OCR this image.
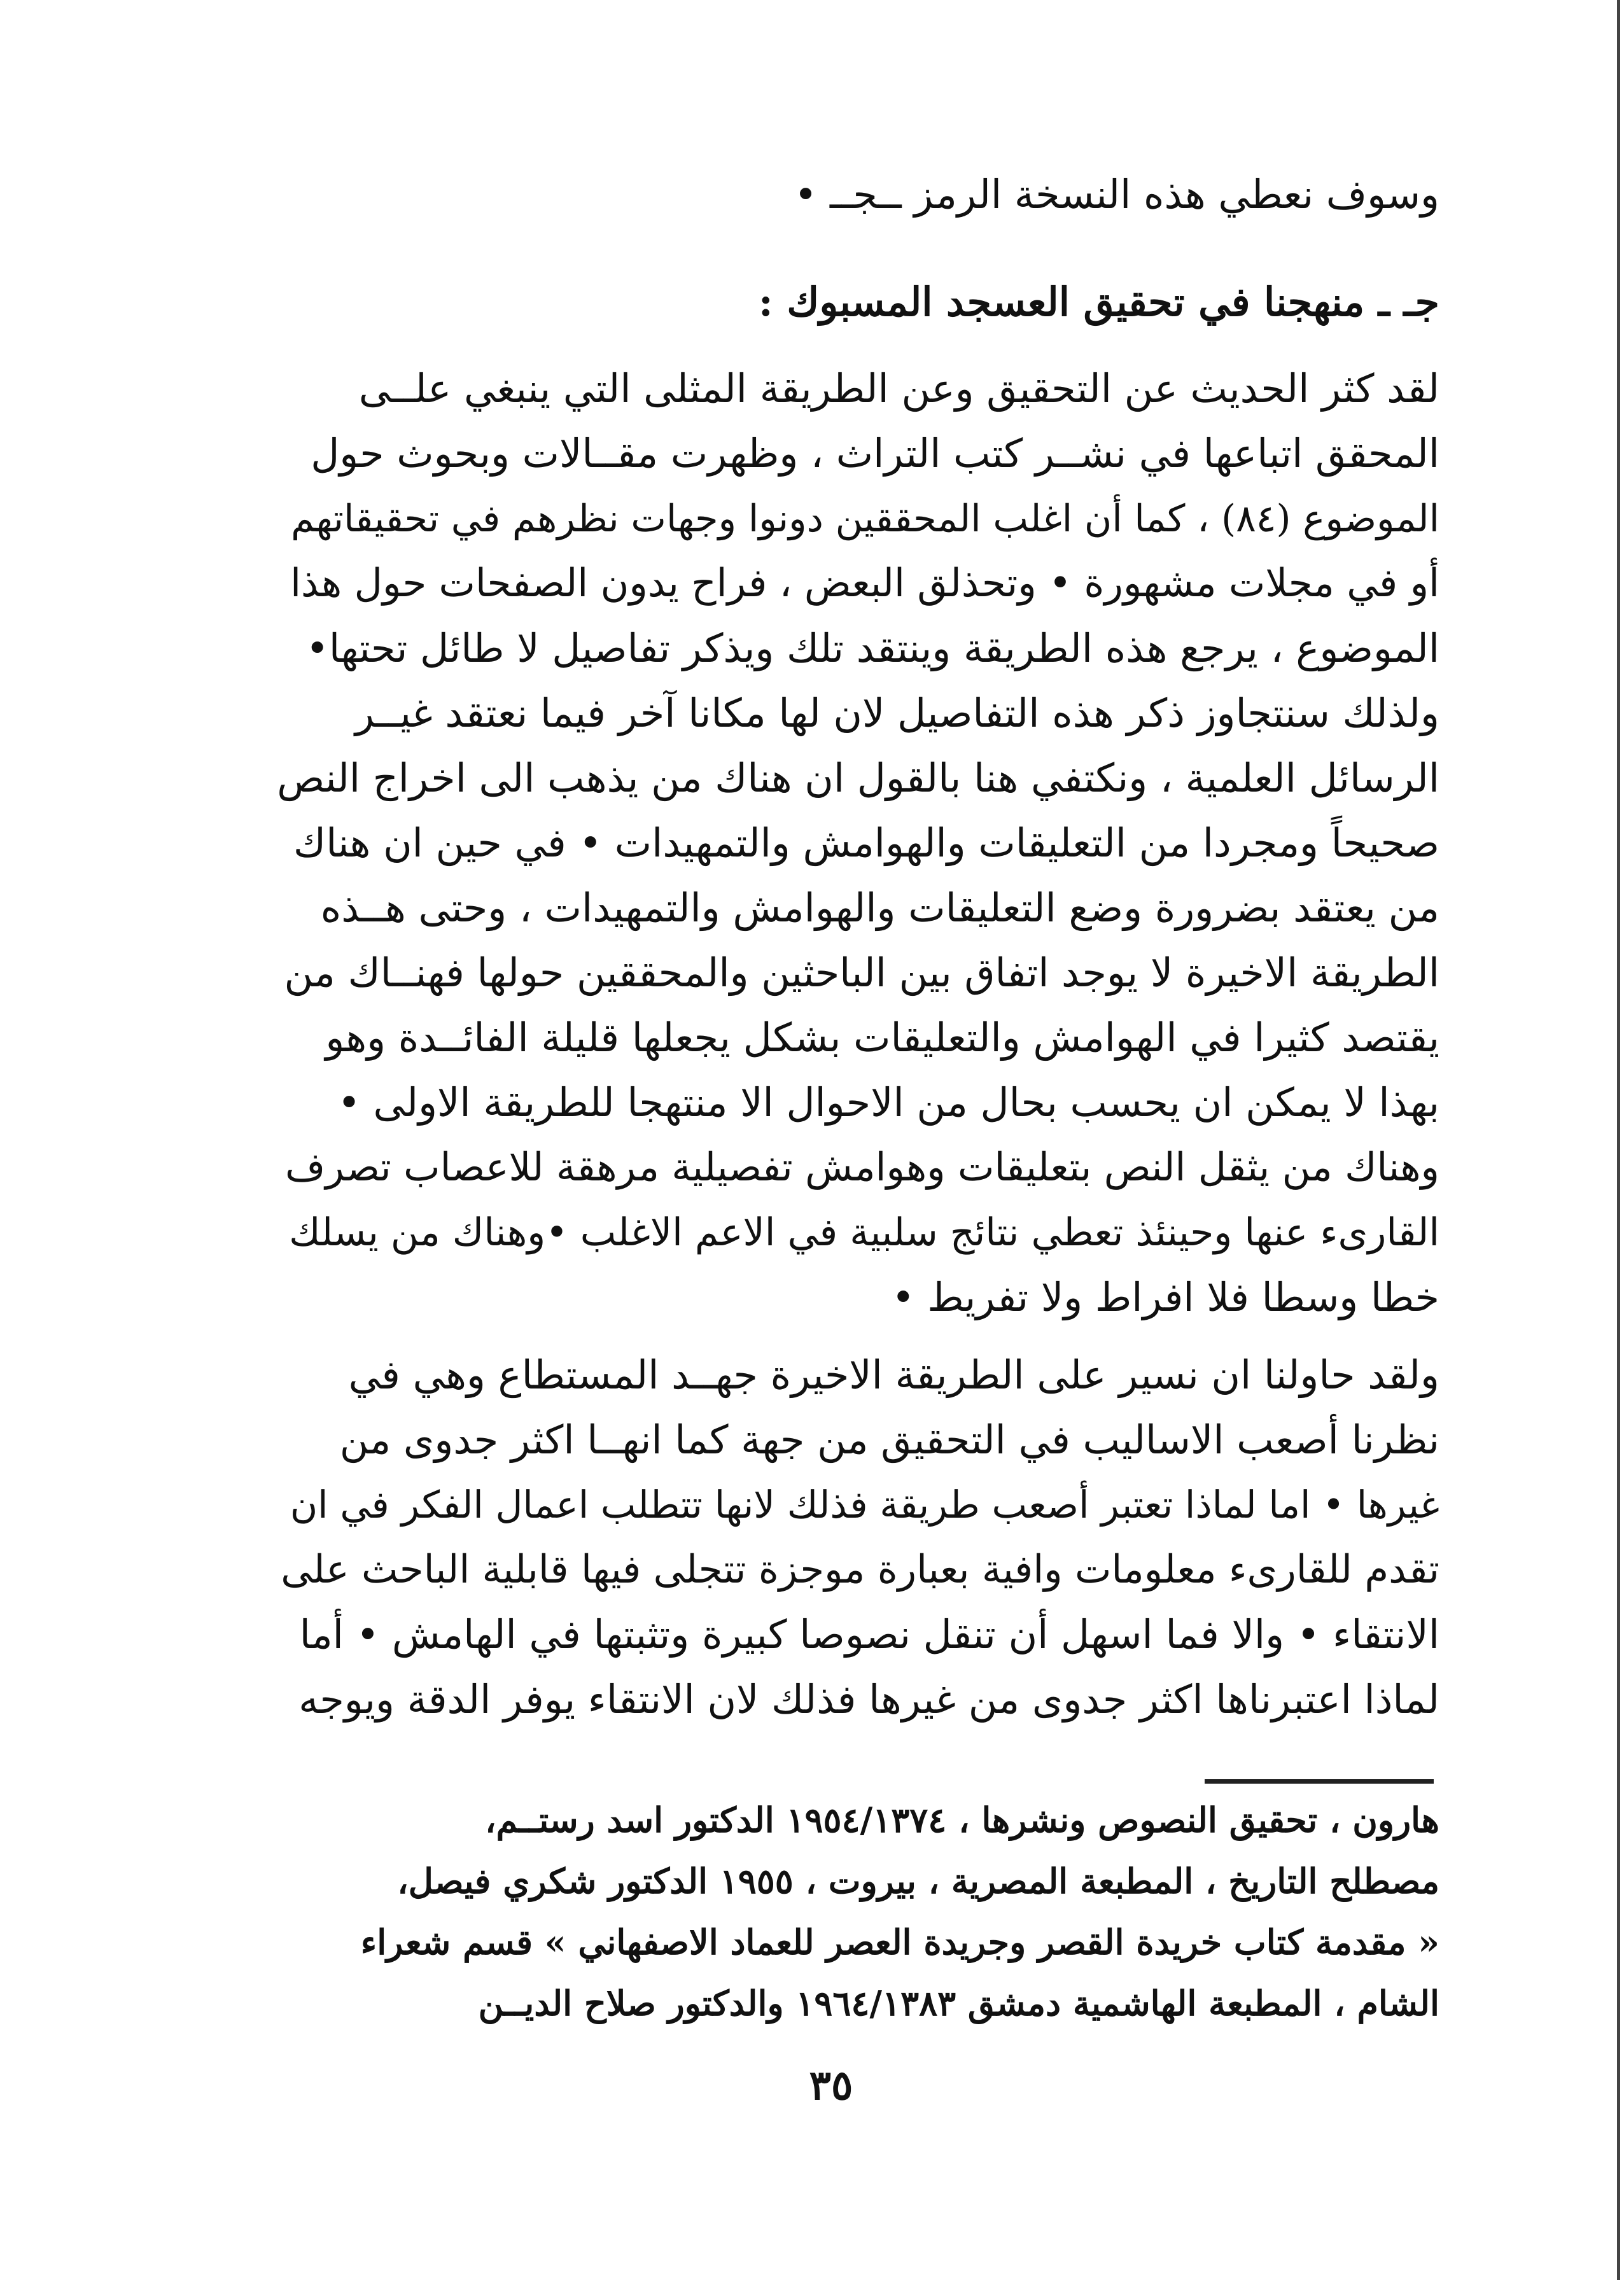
وسوف نعطي هذه النسخة الرمز ــجــ •
جـ ـ منهجنا في تحقيق العسجد المسبوك :
لقد كثر الحديث عن التحقيق وعن الطريقة المثلى التي ينبغي علــى
المحقق اتباعها في نشــر كتب التراث ، وظهرت مقــالات وبحوث حول
الموضوع (٨٤) ، كما أن اغلب المحققين دونوا وجهات نظرهم في تحقيقاتهم
أو في مجلات مشهورة • وتحذلق البعض ، فراح يدون الصفحات حول هذا
الموضوع ، يرجع هذه الطريقة وينتقد تلك ويذكر تفاصيل لا طائل تحتها•
ولذلك سنتجاوز ذكر هذه التفاصيل لان لها مكانا آخر فيما نعتقد غيــر
الرسائل العلمية ، ونكتفي هنا بالقول ان هناك من يذهب الى اخراج النص
صحيحاً ومجردا من التعليقات والهوامش والتمهيدات • في حين ان هناك
من يعتقد بضرورة وضع التعليقات والهوامش والتمهيدات ، وحتى هــذه
الطريقة الاخيرة لا يوجد اتفاق بين الباحثين والمحققين حولها فهنــاك من
يقتصد كثيرا في الهوامش والتعليقات بشكل يجعلها قليلة الفائــدة وهو
بهذا لا يمكن ان يحسب بحال من الاحوال الا منتهجا للطريقة الاولى •
وهناك من يثقل النص بتعليقات وهوامش تفصيلية مرهقة للاعصاب تصرف
القارىء عنها وحينئذ تعطي نتائج سلبية في الاعم الاغلب •وهناك من يسلك
خطا وسطا فلا افراط ولا تفريط •
ولقد حاولنا ان نسير على الطريقة الاخيرة جهــد المستطاع وهي في
نظرنا أصعب الاساليب في التحقيق من جهة كما انهــا اكثر جدوى من
غيرها • اما لماذا تعتبر أصعب طريقة فذلك لانها تتطلب اعمال الفكر في ان
تقدم للقارىء معلومات وافية بعبارة موجزة تتجلى فيها قابلية الباحث على
الانتقاء • والا فما اسهل أن تنقل نصوصا كبيرة وتثبتها في الهامش • أما
لماذا اعتبرناها اكثر جدوى من غيرها فذلك لان الانتقاء يوفر الدقة ويوجه
هارون ، تحقيق النصوص ونشرها ، ١٩٥٤/١٣٧٤ الدكتور اسد رستــم،
مصطلح التاريخ ، المطبعة المصرية ، بيروت ، ١٩٥٥ الدكتور شكري فيصل،
« مقدمة كتاب خريدة القصر وجريدة العصر للعماد الاصفهاني » قسم شعراء
الشام ، المطبعة الهاشمية دمشق ١٩٦٤/١٣٨٣ والدكتور صلاح الديــن
٣٥
